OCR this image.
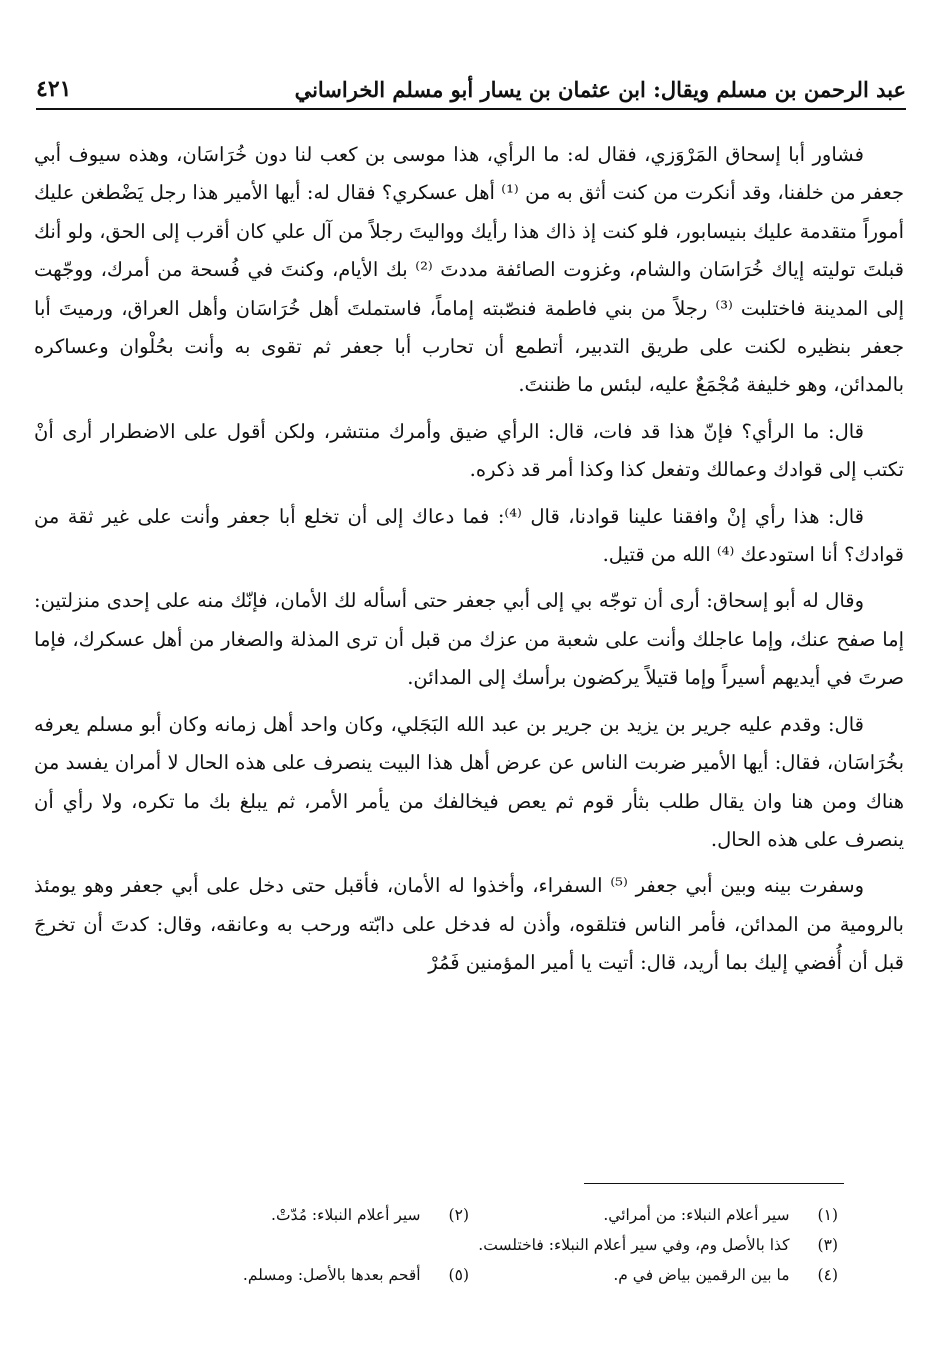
عبد الرحمن بن مسلم ويقال: ابن عثمان بن يسار أبو مسلم الخراساني
٤٢١

فشاور أبا إسحاق المَرْوَزي، فقال له: ما الرأي، هذا موسى بن كعب لنا دون خُرَاسَان، وهذه سيوف أبي جعفر من خلفنا، وقد أنكرت من كنت أثق به من ⁽¹⁾ أهل عسكري؟ فقال له: أيها الأمير هذا رجل يَضْطغن عليك أموراً متقدمة عليك بنيسابور، فلو كنت إذ ذاك هذا رأيك وواليتَ رجلاً من آل علي كان أقرب إلى الحق، ولو أنك قبلتَ توليته إياك خُرَاسَان والشام، وغزوت الصائفة مددتَ ⁽²⁾ بك الأيام، وكنتَ في فُسحة من أمرك، ووجّهت إلى المدينة فاختلبت ⁽³⁾ رجلاً من بني فاطمة فنصّبته إماماً، فاستملتَ أهل خُرَاسَان وأهل العراق، ورميتَ أبا جعفر بنظيره لكنت على طريق التدبير، أتطمع أن تحارب أبا جعفر ثم تقوى به وأنت بحُلْوان وعساكره بالمدائن، وهو خليفة مُجْمَعٌ عليه، لبئس ما ظننتَ.

قال: ما الرأي؟ فإنّ هذا قد فات، قال: الرأي ضيق وأمرك منتشر، ولكن أقول على الاضطرار أرى أنْ تكتب إلى قوادك وعمالك وتفعل كذا وكذا أمر قد ذكره.

قال: هذا رأي إنْ وافقنا علينا قوادنا، قال ⁽⁴⁾: فما دعاك إلى أن تخلع أبا جعفر وأنت على غير ثقة من قوادك؟ أنا استودعك ⁽⁴⁾ الله من قتيل.

وقال له أبو إسحاق: أرى أن توجّه بي إلى أبي جعفر حتى أسأله لك الأمان، فإنّك منه على إحدى منزلتين: إما صفح عنك، وإما عاجلك وأنت على شعبة من عزك من قبل أن ترى المذلة والصغار من أهل عسكرك، فإما صرتَ في أيديهم أسيراً وإما قتيلاً يركضون برأسك إلى المدائن.

قال: وقدم عليه جرير بن يزيد بن جرير بن عبد الله البَجَلي، وكان واحد أهل زمانه وكان أبو مسلم يعرفه بخُرَاسَان، فقال: أيها الأمير ضربت الناس عن عرض أهل هذا البيت ينصرف على هذه الحال لا أمران يفسد من هناك ومن هنا وان يقال طلب بثأر قوم ثم يعص فيخالفك من يأمر الأمر، ثم يبلغ بك ما تكره، ولا رأي أن ينصرف على هذه الحال.

وسفرت بينه وبين أبي جعفر ⁽⁵⁾ السفراء، وأخذوا له الأمان، فأقبل حتى دخل على أبي جعفر وهو يومئذ بالرومية من المدائن، فأمر الناس فتلقوه، وأذن له فدخل على دابّته ورحب به وعانقه، وقال: كدتَ أن تخرجَ قبل أن أُفضي إليك بما أريد، قال: أتيت يا أمير المؤمنين فَمُرْ

(١)سير أعلام النبلاء: من أمرائي.
(٢)سير أعلام النبلاء: مُدّتْ.
(٣)كذا بالأصل وم، وفي سير أعلام النبلاء: فاختلست.
(٤)ما بين الرقمين بياض في م.
(٥)أقحم بعدها بالأصل: ومسلم.
